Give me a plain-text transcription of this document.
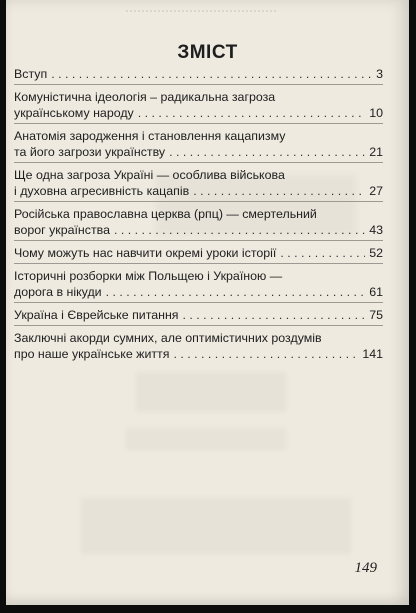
ЗМІСТ
Вступ . . .	3
Комуністична ідеологія – радикальна загроза
українському народу . . .	10
Анатомія зародження і становлення кацапизму
та його загрози українству . . .	21
Ще одна загроза Україні — особлива військова
і духовна агресивність кацапів . . .	27
Російська православна церква (рпц) — смертельний
ворог українства . . .	43
Чому можуть нас навчити окремі уроки історії . . .	52
Історичні розборки між Польщею і Україною —
дорога в нікуди . . .	61
Україна і Єврейське питання . . .	75
Заключні акорди сумних, але оптимістичних роздумів
про наше українське життя . . .	141
149
